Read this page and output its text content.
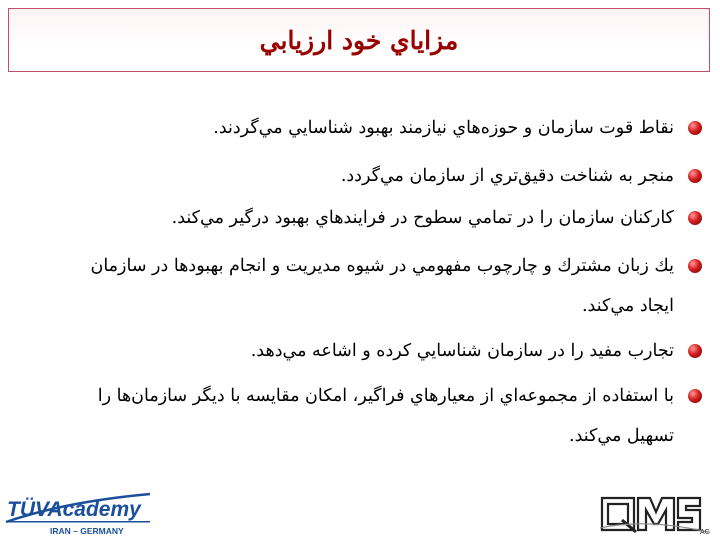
مزاياي خود ارزيابي
نقاط قوت سازمان و حوزه‌هاي نيازمند بهبود شناسايي مي‌گردند.
منجر به شناخت دقيق‌تري از سازمان مي‌گردد.
كاركنان سازمان را در تمامي سطوح در فرايندهاي بهبود درگير مي‌كند.
يك زبان مشترك و چارچوب مفهومي در شيوه مديريت و انجام بهبودها در سازمان
ايجاد مي‌كند.
تجارب مفيد را در سازمان شناسايي كرده و اشاعه مي‌دهد.
با استفاده از مجموعه‌اي از معيارهاي فراگير، امكان مقايسه با ديگر سازمان‌ها را
تسهيل مي‌كند.
TÜVAcademy
IRAN – GERMANY	AG
